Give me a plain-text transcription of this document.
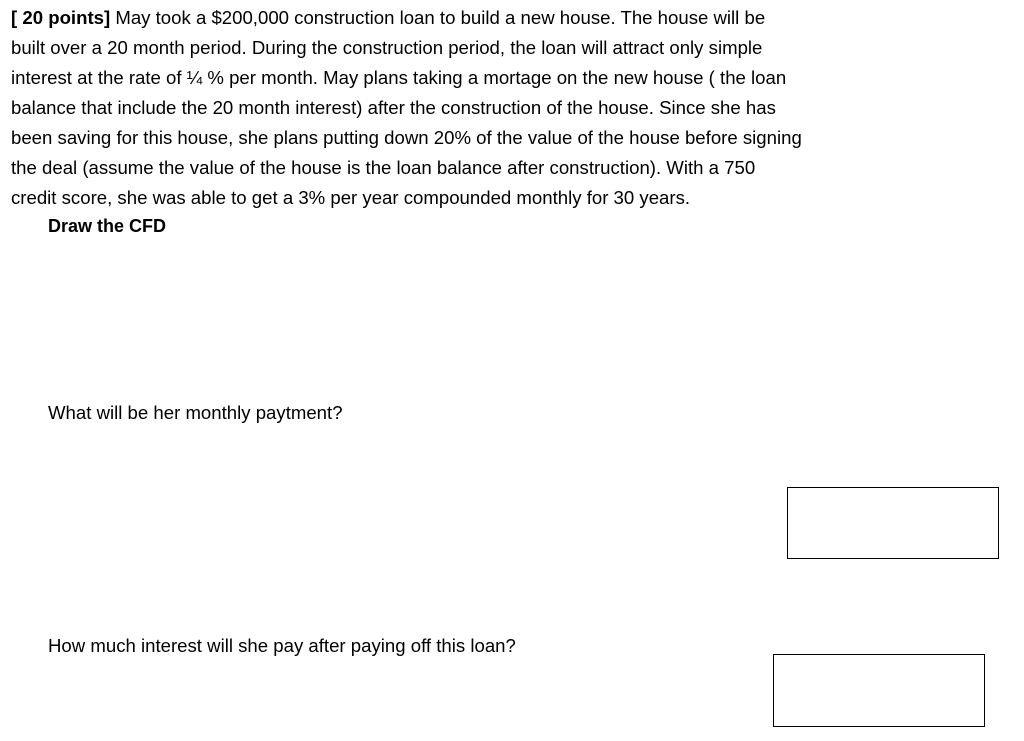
[ 20 points] May took a $200,000 construction loan to build a new house. The house will be
built over a 20 month period. During the construction period, the loan will attract only simple
interest at the rate of ¼ % per month. May plans taking a mortage on the new house ( the loan
balance that include the 20 month interest) after the construction of the house. Since she has
been saving for this house, she plans putting down 20% of the value of the house before signing
the deal (assume the value of the house is the loan balance after construction). With a 750
credit score, she was able to get a 3% per year compounded monthly for 30 years.
Draw the CFD
What will be her monthly paytment?
How much interest will she pay after paying off this loan?
